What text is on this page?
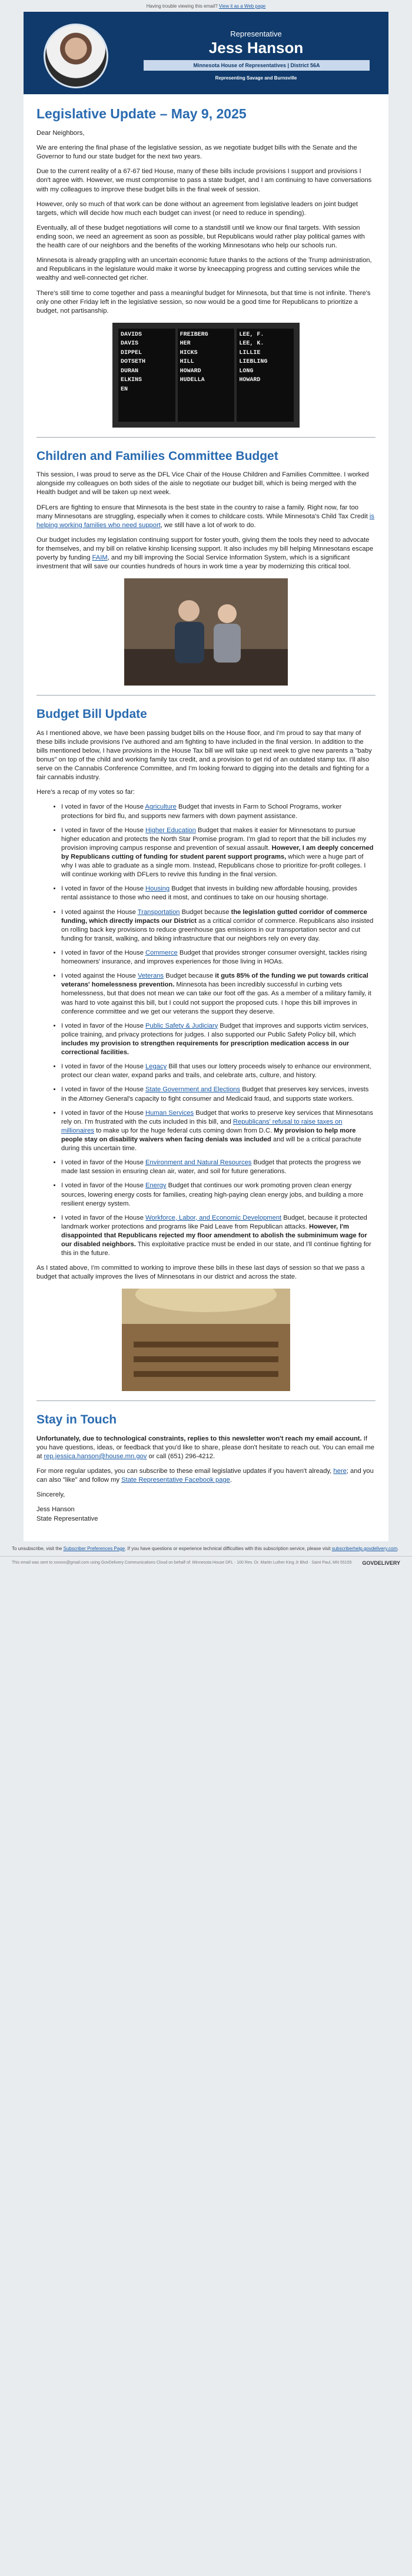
Having trouble viewing this email? View it as a Web page
Representative
Jess Hanson
Minnesota House of Representatives | District 56A
Representing Savage and Burnsville
Legislative Update – May 9, 2025

Dear Neighbors,

We are entering the final phase of the legislative session, as we negotiate budget bills with the Senate and the Governor to fund our state budget for the next two years.

Due to the current reality of a 67-67 tied House, many of these bills include provisions I support and provisions I don't agree with. However, we must compromise to pass a state budget, and I am continuing to have conversations with my colleagues to improve these budget bills in the final week of session.

However, only so much of that work can be done without an agreement from legislative leaders on joint budget targets, which will decide how much each budget can invest (or need to reduce in spending).

Eventually, all of these budget negotiations will come to a standstill until we know our final targets. With session ending soon, we need an agreement as soon as possible, but Republicans would rather play political games with the health care of our neighbors and the benefits of the working Minnesotans who help our schools run.

Minnesota is already grappling with an uncertain economic future thanks to the actions of the Trump administration, and Republicans in the legislature would make it worse by kneecapping progress and cutting services while the wealthy and well-connected get richer.

There's still time to come together and pass a meaningful budget for Minnesota, but that time is not infinite. There's only one other Friday left in the legislative session, so now would be a good time for Republicans to prioritize a budget, not partisanship.

DAVIDS
DAVIS
DIPPEL
DOTSETH
DURAN
ELKINS
EN
FREIBERG
HER
HICKS
HILL
HOWARD
HUDELLA
LEE, F.
LEE, K.
LILLIE
LIEBLING
LONG
HOWARD
Children and Families Committee Budget

This session, I was proud to serve as the DFL Vice Chair of the House Children and Families Committee. I worked alongside my colleagues on both sides of the aisle to negotiate our budget bill, which is being merged with the Health budget and will be taken up next week.

DFLers are fighting to ensure that Minnesota is the best state in the country to raise a family. Right now, far too many Minnesotans are struggling, especially when it comes to childcare costs. While Minnesota's Child Tax Credit is helping working families who need support, we still have a lot of work to do.

Our budget includes my legislation continuing support for foster youth, giving them the tools they need to advocate for themselves, and my bill on relative kinship licensing support. It also includes my bill helping Minnesotans escape poverty by funding FAIM, and my bill improving the Social Service Information System, which is a significant investment that will save our counties hundreds of hours in work time a year by modernizing this critical tool.

Budget Bill Update

As I mentioned above, we have been passing budget bills on the House floor, and I'm proud to say that many of these bills include provisions I've authored and am fighting to have included in the final version. In addition to the bills mentioned below, I have provisions in the House Tax bill we will take up next week to give new parents a "baby bonus" on top of the child and working family tax credit, and a provision to get rid of an outdated stamp tax. I'll also serve on the Cannabis Conference Committee, and I'm looking forward to digging into the details and fighting for a fair cannabis industry.

Here's a recap of my votes so far:

• I voted in favor of the House Agriculture Budget that invests in Farm to School Programs, worker protections for bird flu, and supports new farmers with down payment assistance.
• I voted in favor of the House Higher Education Budget that makes it easier for Minnesotans to pursue higher education and protects the North Star Promise program. I'm glad to report that the bill includes my provision improving campus response and prevention of sexual assault. However, I am deeply concerned by Republicans cutting of funding for student parent support programs, which were a huge part of why I was able to graduate as a single mom. Instead, Republicans chose to prioritize for-profit colleges. I will continue working with DFLers to revive this funding in the final version.
• I voted in favor of the House Housing Budget that invests in building new affordable housing, provides rental assistance to those who need it most, and continues to take on our housing shortage.
• I voted against the House Transportation Budget because the legislation gutted corridor of commerce funding, which directly impacts our District as a critical corridor of commerce. Republicans also insisted on rolling back key provisions to reduce greenhouse gas emissions in our transportation sector and cut funding for transit, walking, and biking infrastructure that our neighbors rely on every day.
• I voted in favor of the House Commerce Budget that provides stronger consumer oversight, tackles rising homeowners' insurance, and improves experiences for those living in HOAs.
• I voted against the House Veterans Budget because it guts 85% of the funding we put towards critical veterans' homelessness prevention. Minnesota has been incredibly successful in curbing vets homelessness, but that does not mean we can take our foot off the gas. As a member of a military family, it was hard to vote against this bill, but I could not support the proposed cuts. I hope this bill improves in conference committee and we get our veterans the support they deserve.
• I voted in favor of the House Public Safety & Judiciary Budget that improves and supports victim services, police training, and privacy protections for judges. I also supported our Public Safety Policy bill, which includes my provision to strengthen requirements for prescription medication access in our correctional facilities.
• I voted in favor of the House Legacy Bill that uses our lottery proceeds wisely to enhance our environment, protect our clean water, expand parks and trails, and celebrate arts, culture, and history.
• I voted in favor of the House State Government and Elections Budget that preserves key services, invests in the Attorney General's capacity to fight consumer and Medicaid fraud, and supports state workers.
• I voted in favor of the House Human Services Budget that works to preserve key services that Minnesotans rely on. I'm frustrated with the cuts included in this bill, and Republicans' refusal to raise taxes on millionaires to make up for the huge federal cuts coming down from D.C. My provision to help more people stay on disability waivers when facing denials was included and will be a critical parachute during this uncertain time.
• I voted in favor of the House Environment and Natural Resources Budget that protects the progress we made last session in ensuring clean air, water, and soil for future generations.
• I voted in favor of the House Energy Budget that continues our work promoting proven clean energy sources, lowering energy costs for families, creating high-paying clean energy jobs, and building a more resilient energy system.
• I voted in favor of the House Workforce, Labor, and Economic Development Budget, because it protected landmark worker protections and programs like Paid Leave from Republican attacks. However, I'm disappointed that Republicans rejected my floor amendment to abolish the subminimum wage for our disabled neighbors. This exploitative practice must be ended in our state, and I'll continue fighting for this in the future.

As I stated above, I'm committed to working to improve these bills in these last days of session so that we pass a budget that actually improves the lives of Minnesotans in our district and across the state.

Stay in Touch

Unfortunately, due to technological constraints, replies to this newsletter won't reach my email account. If you have questions, ideas, or feedback that you'd like to share, please don't hesitate to reach out. You can email me at rep.jessica.hanson@house.mn.gov or call (651) 296-4212.

For more regular updates, you can subscribe to these email legislative updates if you haven't already, here; and you can also "like" and follow my State Representative Facebook page.

Sincerely,

Jess Hanson

State Representative

To unsubscribe, visit the Subscriber Preferences Page. If you have questions or experience technical difficulties with this subscription service, please visit subscriberhelp.govdelivery.com.
This email was sent to xxxxxx@gmail.com using GovDelivery Communications Cloud on behalf of: Minnesota House DFL · 100 Rev. Dr. Martin Luther King Jr Blvd · Saint Paul, MN 55155 GOVDELIVERY
